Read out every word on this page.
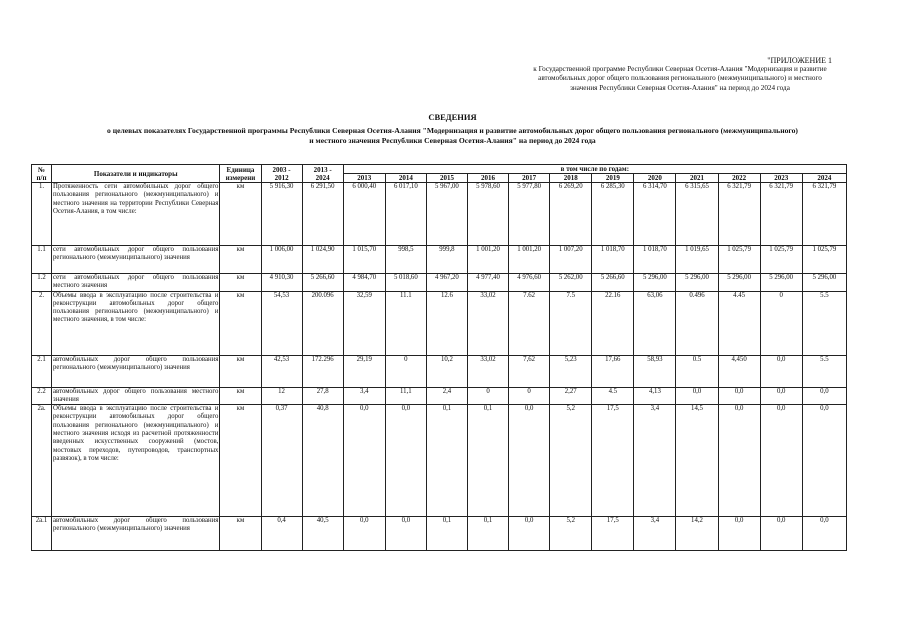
"ПРИЛОЖЕНИЕ 1
к Государственной программе Республики Северная Осетия-Алания "Модернизация и развитие
автомобильных дорог общего пользования регионального (межмуниципального) и местного
значения Республики Северная Осетия-Алания" на период до 2024 года
СВЕДЕНИЯ
о целевых показателях Государственной программы Республики Северная Осетия-Алания "Модернизация и развитие автомобильных дорог общего пользования регионального (межмуниципального)
и местного значения Республики Северная Осетия-Алания" на период до 2024 года
№
п/п	Показатели и индикаторы	Единица
измерени	2003 -
2012	2013 -
2024	в том числе по годам:											
					2013	2014	2015	2016	2017	2018	2019	2020	2021	2022	2023	2024
1.	Протяженность сети автомобильных дорог общего пользования регионального (межмуниципального) и местного значения на территории Республики Северная Осетия-Алания, в том числе:	км	5 916,30	6 291,50	6 000,40	6 017,10	5 967,00	5 978,60	5 977,80	6 269,20	6 285,30	6 314,70	6 315,65	6 321,79	6 321,79	6 321,79
1.1	сети автомобильных дорог общего пользования регионального (межмуниципального) значения	км	1 006,00	1 024,90	1 015,70	998,5	999,8	1 001,20	1 001,20	1 007,20	1 018,70	1 018,70	1 019,65	1 025,79	1 025,79	1 025,79
1.2	сети автомобильных дорог общего пользования местного значения	км	4 910,30	5 266,60	4 984,70	5 018,60	4 967,20	4 977,40	4 976,60	5 262,00	5 266,60	5 296,00	5 296,00	5 296,00	5 296,00	5 296,00
2.	Объемы ввода в эксплуатацию после строительства и реконструкции автомобильных дорог общего пользования регионального (межмуниципального) и местного значения, в том числе:	км	54,53	200.096	32,59	11.1	12.6	33,02	7.62	7.5	22.16	63,06	0.496	4.45	0	5.5
2.1	автомобильных дорог общего пользования регионального (межмуниципального) значения	км	42,53	172.296	29,19	0	10,2	33,02	7,62	5,23	17,66	58,93	0.5	4,450	0,0	5.5
2.2	автомобильных дорог общего пользования местного значения	км	12	27,8	3,4	11,1	2,4	0	0	2,27	4.5	4,13	0,0	0,0	0,0	0,0
2а.	Объемы ввода в эксплуатацию после строительства и реконструкции автомобильных дорог общего пользования регионального (межмуниципального) и местного значения исходя из расчетной протяженности введенных искусственных сооружений (мостов, мостовых переходов, путепроводов, транспортных развязок), в том числе:	км	0,37	40,8	0,0	0,0	0,1	0,1	0,0	5,2	17,5	3,4	14,5	0,0	0,0	0,0
2а.1	автомобильных дорог общего пользования регионального (межмуниципального) значения	км	0,4	40,5	0,0	0,0	0,1	0,1	0,0	5,2	17,5	3,4	14,2	0,0	0,0	0,0
